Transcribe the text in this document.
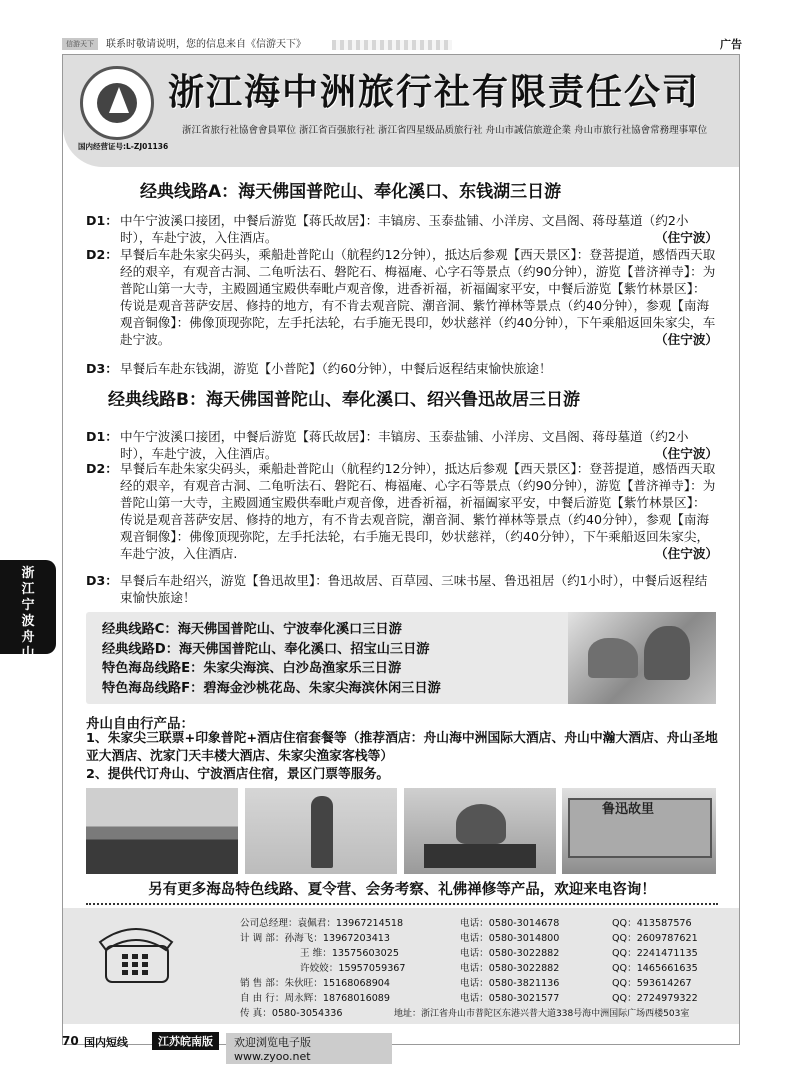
信游天下	联系时敬请说明，您的信息来自《信游天下》	广告
国内经营证号:L-ZJ01136
浙江海中洲旅行社有限责任公司
浙江省旅行社協會會員單位 浙江省百强旅行社 浙江省四星级品质旅行社 舟山市誠信旅遊企業 舟山市旅行社協會常務理事單位
经典线路A：海天佛国普陀山、奉化溪口、东钱湖三日游
D1： 中午宁波溪口接团，中餐后游览【蒋氏故居】：丰镐房、玉泰盐铺、小洋房、文昌阁、蒋母墓道（约2小时），车赴宁波，入住酒店。	（住宁波）
D2： 早餐后车赴朱家尖码头，乘船赴普陀山（航程约12分钟），抵达后参观【西天景区】：登菩提道，感悟西天取经的艰辛，有观音古洞、二龟听法石、磐陀石、梅福庵、心字石等景点（约90分钟），游览【普济禅寺】：为普陀山第一大寺，主殿圆通宝殿供奉毗卢观音像，进香祈福，祈福阖家平安，中餐后游览【紫竹林景区】：传说是观音菩萨安居、修持的地方，有不肯去观音院、潮音洞、紫竹禅林等景点（约40分钟），参观【南海观音铜像】：佛像顶现弥陀，左手托法轮，右手施无畏印，妙状慈祥（约40分钟），下午乘船返回朱家尖，车赴宁波。	（住宁波）
D3： 早餐后车赴东钱湖，游览【小普陀】（约60分钟），中餐后返程结束愉快旅途！
经典线路B：海天佛国普陀山、奉化溪口、绍兴鲁迅故居三日游
D1： 中午宁波溪口接团，中餐后游览【蒋氏故居】：丰镐房、玉泰盐铺、小洋房、文昌阁、蒋母墓道（约2小时），车赴宁波，入住酒店。	（住宁波）
D2： 早餐后车赴朱家尖码头，乘船赴普陀山（航程约12分钟），抵达后参观【西天景区】：登菩提道，感悟西天取经的艰辛，有观音古洞、二龟听法石、磐陀石、梅福庵、心字石等景点（约90分钟），游览【普济禅寺】：为普陀山第一大寺，主殿圆通宝殿供奉毗卢观音像，进香祈福，祈福阖家平安，中餐后游览【紫竹林景区】：传说是观音菩萨安居、修持的地方，有不肯去观音院，潮音洞、紫竹禅林等景点（约40分钟），参观【南海观音铜像】：佛像顶现弥陀，左手托法轮，右手施无畏印，妙状慈祥，（约40分钟），下午乘船返回朱家尖，车赴宁波，入住酒店.	（住宁波）
D3： 早餐后车赴绍兴，游览【鲁迅故里】：鲁迅故居、百草园、三味书屋、鲁迅祖居（约1小时），中餐后返程结束愉快旅途！
经典线路C：海天佛国普陀山、宁波奉化溪口三日游
经典线路D：海天佛国普陀山、奉化溪口、招宝山三日游
特色海岛线路E：朱家尖海滨、白沙岛渔家乐三日游
特色海岛线路F：碧海金沙桃花岛、朱家尖海滨休闲三日游
舟山自由行产品：
1、朱家尖三联票+印象普陀+酒店住宿套餐等（推荐酒店：舟山海中洲国际大酒店、舟山中瀚大酒店、舟山圣地亚大酒店、沈家门天丰楼大酒店、朱家尖渔家客栈等）
2、提供代订舟山、宁波酒店住宿，景区门票等服务。
鲁迅故里
另有更多海岛特色线路、夏令营、会务考察、礼佛禅修等产品，欢迎来电咨询！
公司总经理：袁佩君：13967214518	电话：0580-3014678	QQ：413587576
计 调 部：孙海飞：13967203413	电话：0580-3014800	QQ：2609787621
王 维：13575603025	电话：0580-3022882	QQ：2241471135
许姣姣：15957059367	电话：0580-3022882	QQ：1465661635
销 售 部：朱伙旺：15168068904	电话：0580-3821136	QQ：593614267
自 由 行：周永辉：18768016089	电话：0580-3021577	QQ：2724979322
传 真：0580-3054336	地址：浙江省舟山市普陀区东港兴普大道338号海中洲国际广场西楼503室
70 国内短线	江苏皖南版	欢迎浏览电子版 www.zyoo.net
浙江宁波舟山
